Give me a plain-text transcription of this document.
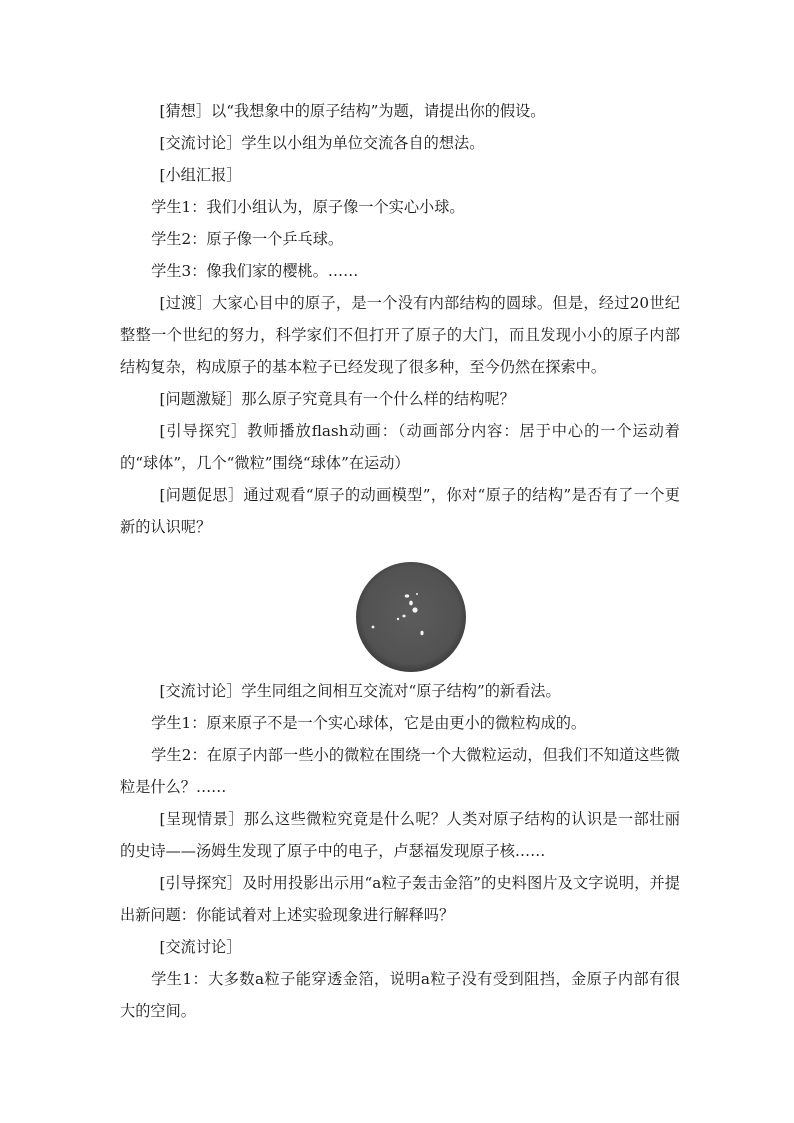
[猜想］以“我想象中的原子结构”为题，请提出你的假设。

[交流讨论］学生以小组为单位交流各自的想法。

[小组汇报］

学生1：我们小组认为，原子像一个实心小球。

学生2：原子像一个乒乓球。

学生3：像我们家的樱桃。……

[过渡］大家心目中的原子，是一个没有内部结构的圆球。但是，经过20世纪整整一个世纪的努力，科学家们不但打开了原子的大门，而且发现小小的原子内部结构复杂，构成原子的基本粒子已经发现了很多种，至今仍然在探索中。

[问题激疑］那么原子究竟具有一个什么样的结构呢？

[引导探究］教师播放flash动画：（动画部分内容：居于中心的一个运动着的“球体”，几个“微粒”围绕“球体”在运动）

[问题促思］通过观看“原子的动画模型”，你对“原子的结构”是否有了一个更新的认识呢？

[交流讨论］学生同组之间相互交流对“原子结构”的新看法。

学生1：原来原子不是一个实心球体，它是由更小的微粒构成的。

学生2：在原子内部一些小的微粒在围绕一个大微粒运动，但我们不知道这些微粒是什么？……

[呈现情景］那么这些微粒究竟是什么呢？人类对原子结构的认识是一部壮丽的史诗——汤姆生发现了原子中的电子，卢瑟福发现原子核……

[引导探究］及时用投影出示用“a粒子轰击金箔”的史料图片及文字说明，并提出新问题：你能试着对上述实验现象进行解释吗？

[交流讨论］

学生1：大多数a粒子能穿透金箔，说明a粒子没有受到阻挡，金原子内部有很大的空间。
